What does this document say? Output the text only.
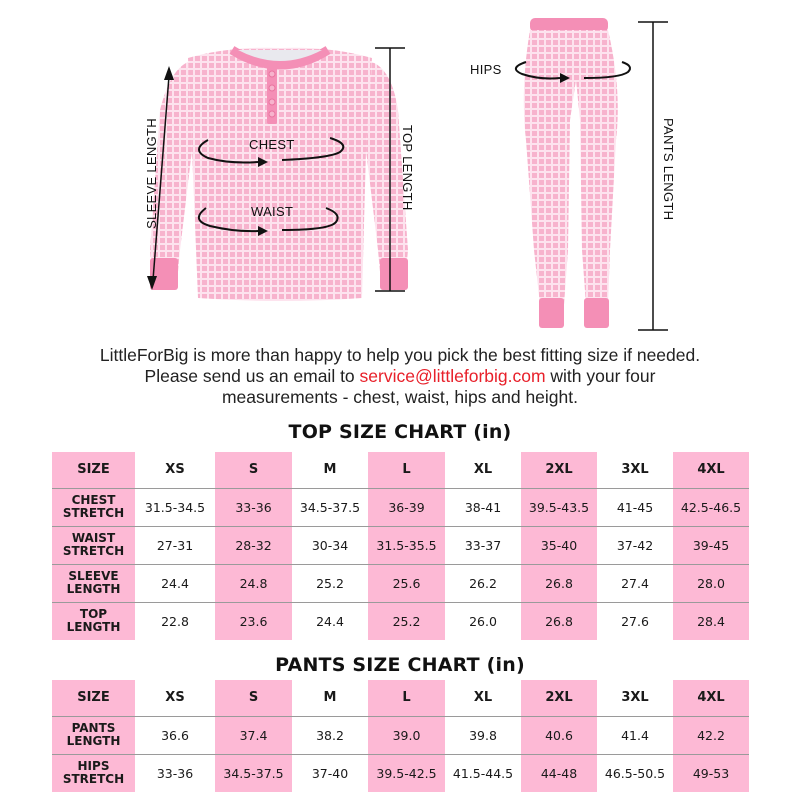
CHEST
WAIST
SLEEVE LENGTH	TOP LENGTH
HIPS
PANTS LENGTH
LittleForBig is more than happy to help you pick the best fitting size if needed.
Please send us an email to service@littleforbig.com with your four
measurements - chest, waist, hips and height.
TOP SIZE CHART (in)
SIZE	XS	S	M	L	XL	2XL	3XL	4XL
CHEST
STRETCH	31.5-34.5	33-36	34.5-37.5	36-39	38-41	39.5-43.5	41-45	42.5-46.5
WAIST
STRETCH	27-31	28-32	30-34	31.5-35.5	33-37	35-40	37-42	39-45
SLEEVE
LENGTH	24.4	24.8	25.2	25.6	26.2	26.8	27.4	28.0
TOP
LENGTH	22.8	23.6	24.4	25.2	26.0	26.8	27.6	28.4
PANTS SIZE CHART (in)
SIZE	XS	S	M	L	XL	2XL	3XL	4XL
PANTS
LENGTH	36.6	37.4	38.2	39.0	39.8	40.6	41.4	42.2
HIPS
STRETCH	33-36	34.5-37.5	37-40	39.5-42.5	41.5-44.5	44-48	46.5-50.5	49-53
